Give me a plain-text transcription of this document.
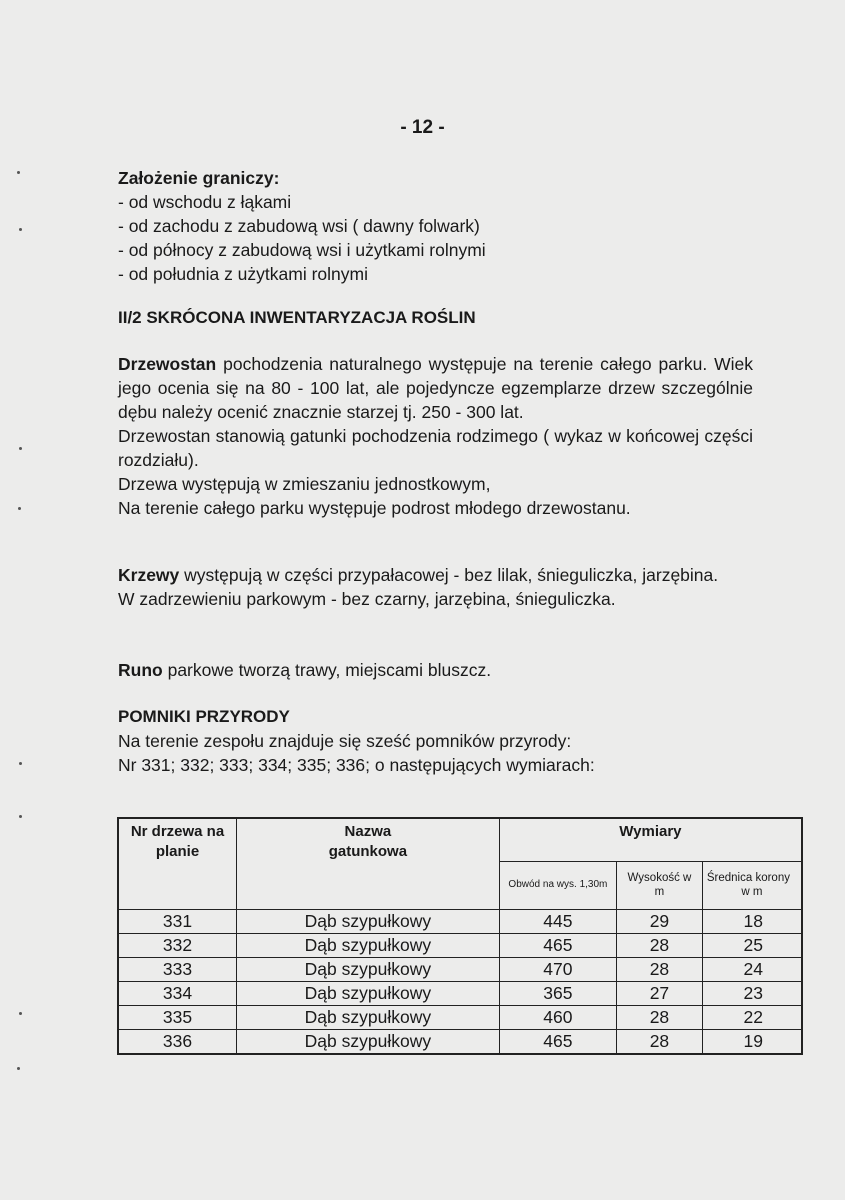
- 12 -
Założenie graniczy:
- od wschodu z łąkami
- od zachodu z zabudową wsi ( dawny folwark)
- od północy z zabudową wsi i użytkami rolnymi
- od południa z użytkami rolnymi
II/2 SKRÓCONA INWENTARYZACJA ROŚLIN

Drzewostan pochodzenia naturalnego występuje na terenie całego parku. Wiek jego ocenia się na 80 - 100 lat, ale pojedyncze egzemplarze drzew szczególnie dębu należy ocenić znacznie starzej tj. 250 - 300 lat.

Drzewostan stanowią gatunki pochodzenia rodzimego ( wykaz w końcowej części rozdziału).

Drzewa występują w zmieszaniu jednostkowym,

Na terenie całego parku występuje podrost młodego drzewostanu.

Krzewy występują w części przypałacowej - bez lilak, śnieguliczka, jarzębina.

W zadrzewieniu parkowym - bez czarny, jarzębina, śnieguliczka.

Runo parkowe tworzą trawy, miejscami bluszcz.

POMNIKI PRZYRODY

Na terenie zespołu znajduje się sześć pomników przyrody:

Nr 331; 332; 333; 334; 335; 336; o następujących wymiarach:

Nr drzewa na planie	Nazwa gatunkowa	Wymiary		
		Obwód na wys. 1,30m	Wysokość w m	Średnica korony
w m

331	Dąb szypułkowy	445	29	18
332	Dąb szypułkowy	465	28	25
333	Dąb szypułkowy	470	28	24
334	Dąb szypułkowy	365	27	23
335	Dąb szypułkowy	460	28	22
336	Dąb szypułkowy	465	28	19
